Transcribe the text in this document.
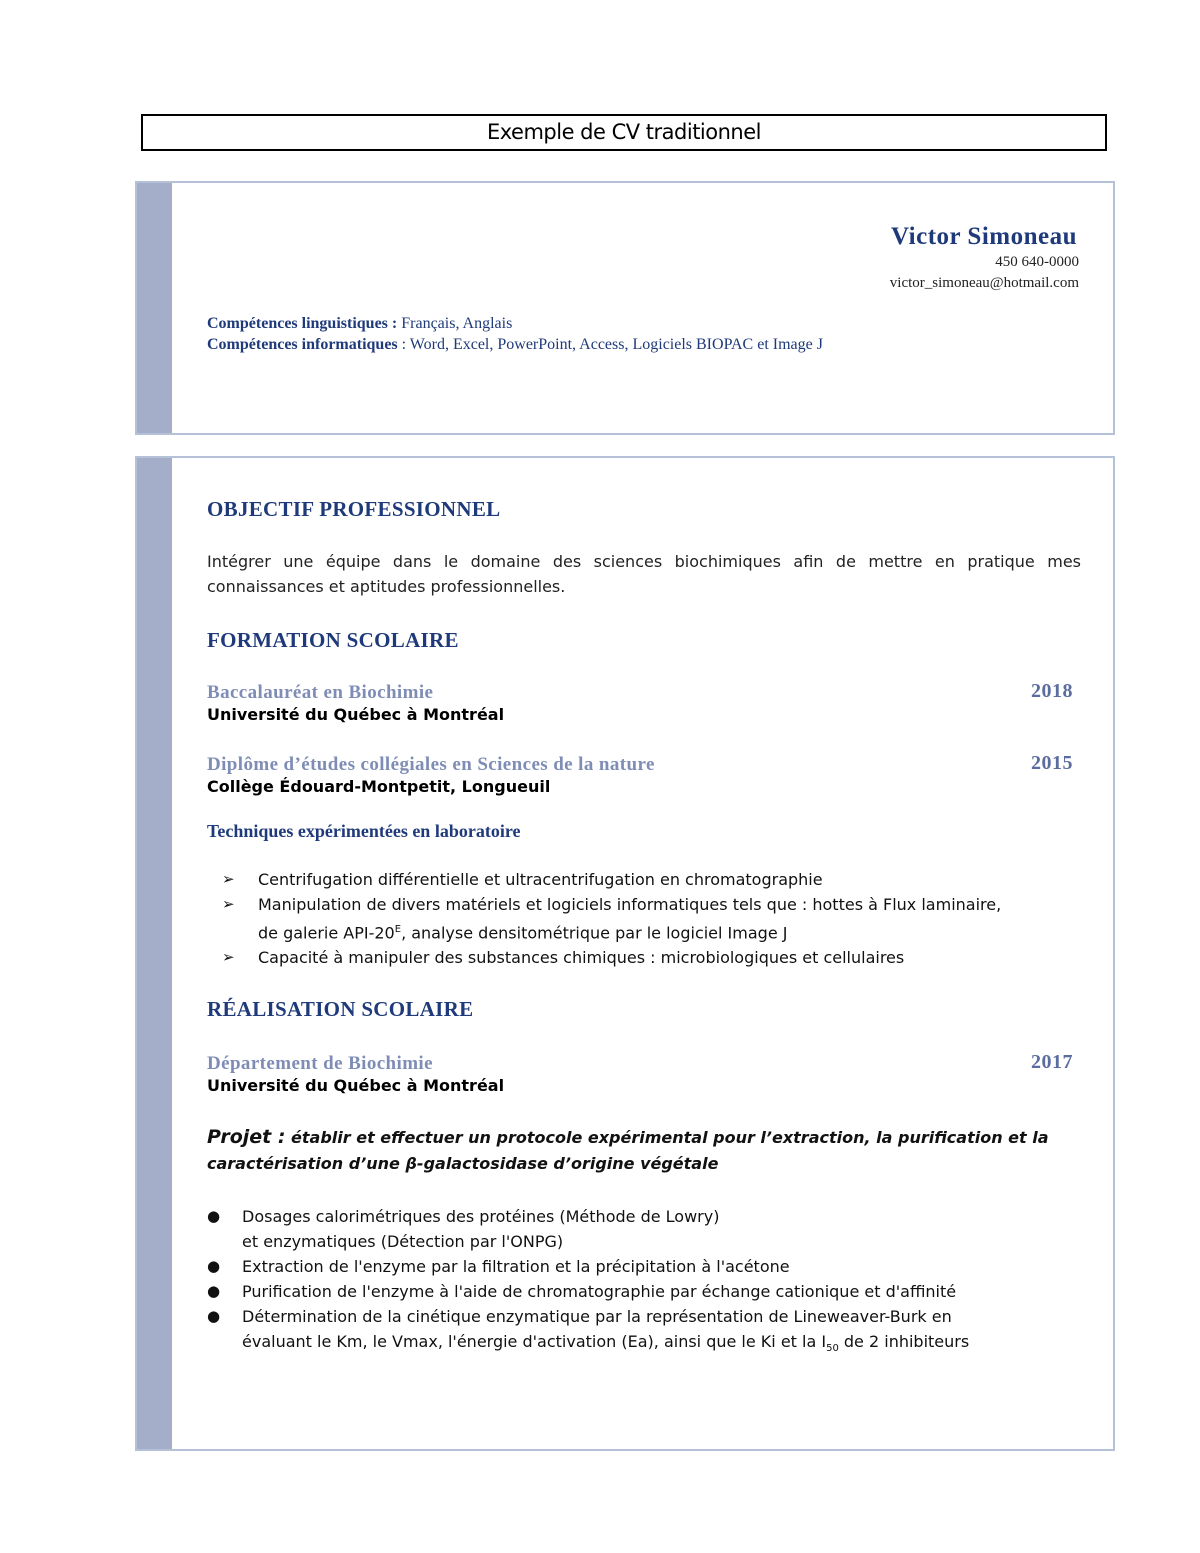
Exemple de CV traditionnel
Victor Simoneau
450 640-0000
victor_simoneau@hotmail.com
Compétences linguistiques : Français, Anglais
Compétences informatiques : Word, Excel, PowerPoint, Access, Logiciels BIOPAC et Image J
OBJECTIF PROFESSIONNEL
Intégrer une équipe dans le domaine des sciences biochimiques afin de mettre en pratique mes connaissances et aptitudes professionnelles.
FORMATION SCOLAIRE
Baccalauréat en Biochimie	2018
Université du Québec à Montréal
Diplôme d’études collégiales en Sciences de la nature	2015
Collège Édouard-Montpetit, Longueuil
Techniques expérimentées en laboratoire
➢ Centrifugation différentielle et ultracentrifugation en chromatographie
➢ Manipulation de divers matériels et logiciels informatiques tels que : hottes à Flux laminaire,
de galerie API-$20^E$, analyse densitométrique par le logiciel Image J
➢ Capacité à manipuler des substances chimiques : microbiologiques et cellulaires
RÉALISATION SCOLAIRE
Département de Biochimie	2017
Université du Québec à Montréal
Projet : établir et effectuer un protocole expérimental pour l’extraction, la purification et la caractérisation d’une β-galactosidase d’origine végétale
● Dosages calorimétriques des protéines (Méthode de Lowry)
et enzymatiques (Détection par l'ONPG)
● Extraction de l'enzyme par la filtration et la précipitation à l'acétone
● Purification de l'enzyme à l'aide de chromatographie par échange cationique et d'affinité
● Détermination de la cinétique enzymatique par la représentation de Lineweaver-Burk en
évaluant le Km, le Vmax, l'énergie d'activation (Ea), ainsi que le Ki et la $I_{50}$ de 2 inhibiteurs
